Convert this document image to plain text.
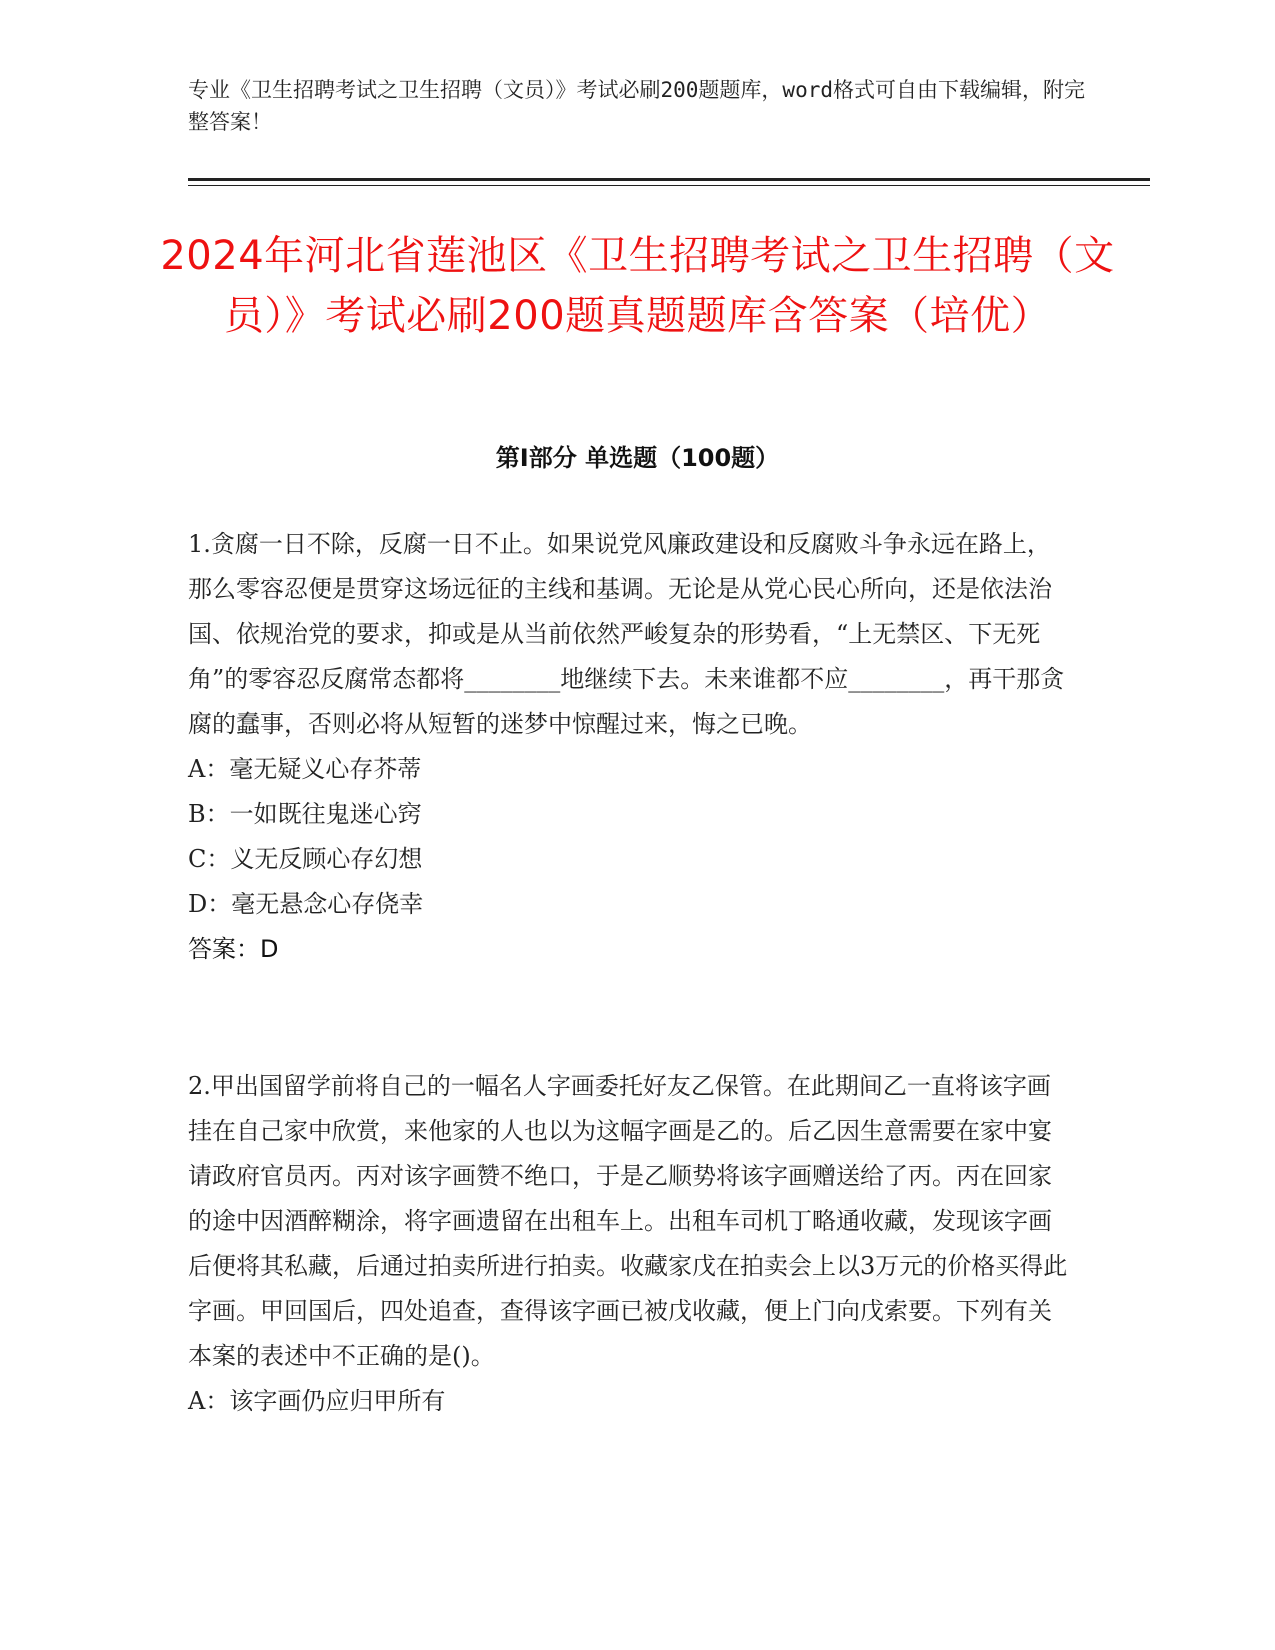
专业《卫生招聘考试之卫生招聘（文员）》考试必刷200题题库，word格式可自由下载编辑，附完整答案！
2024年河北省莲池区《卫生招聘考试之卫生招聘（文员）》考试必刷200题真题题库含答案（培优）
第Ⅰ部分 单选题（100题）

1.贪腐一日不除，反腐一日不止。如果说党风廉政建设和反腐败斗争永远在路上，那么零容忍便是贯穿这场远征的主线和基调。无论是从党心民心所向，还是依法治国、依规治党的要求，抑或是从当前依然严峻复杂的形势看，“上无禁区、下无死角”的零容忍反腐常态都将________地继续下去。未来谁都不应________，再干那贪腐的蠢事，否则必将从短暂的迷梦中惊醒过来，悔之已晚。

A：毫无疑义心存芥蒂

B：一如既往鬼迷心窍

C：义无反顾心存幻想

D：毫无悬念心存侥幸

答案：D

2.甲出国留学前将自己的一幅名人字画委托好友乙保管。在此期间乙一直将该字画挂在自己家中欣赏，来他家的人也以为这幅字画是乙的。后乙因生意需要在家中宴请政府官员丙。丙对该字画赞不绝口，于是乙顺势将该字画赠送给了丙。丙在回家的途中因酒醉糊涂，将字画遗留在出租车上。出租车司机丁略通收藏，发现该字画后便将其私藏，后通过拍卖所进行拍卖。收藏家戊在拍卖会上以3万元的价格买得此字画。甲回国后，四处追查，查得该字画已被戊收藏，便上门向戊索要。下列有关本案的表述中不正确的是()。

A：该字画仍应归甲所有
